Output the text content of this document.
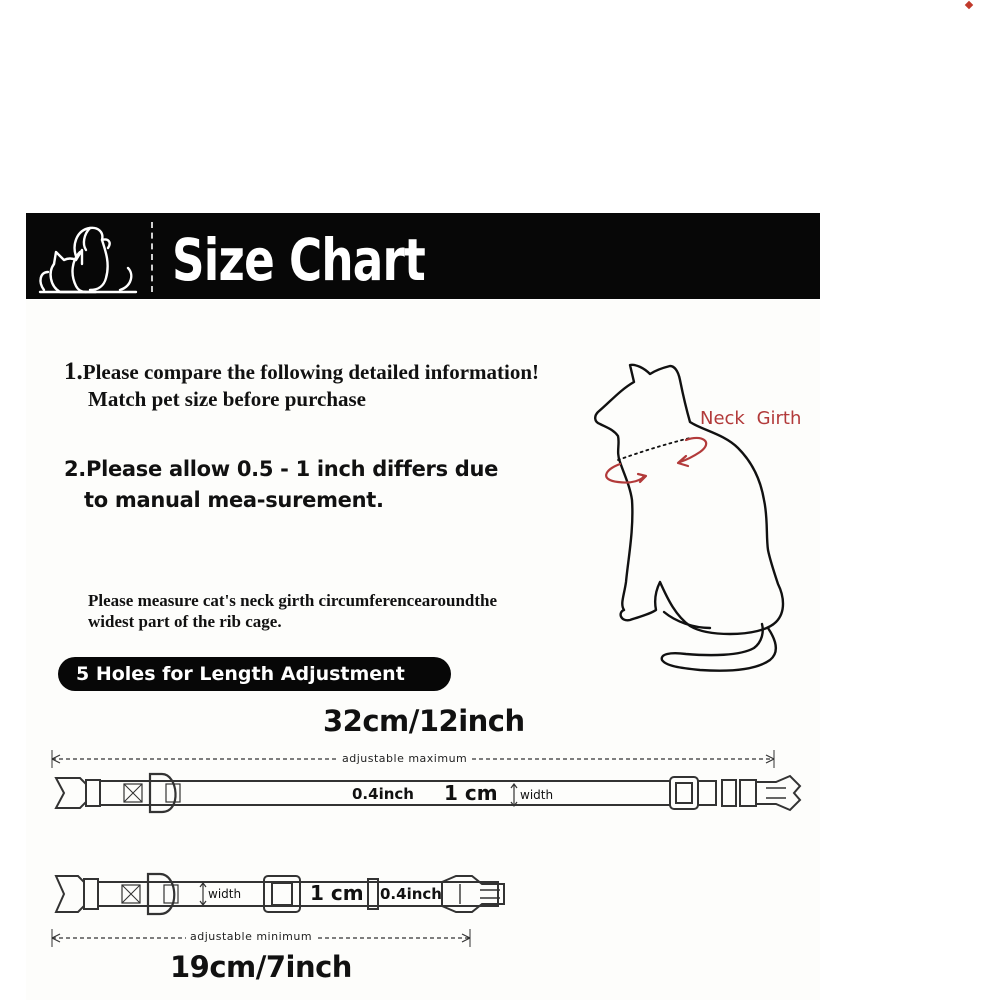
Size Chart
1.Please compare the following detailed information!
Match pet size before purchase
2.Please allow 0.5 - 1 inch differs due
to manual mea-surement.
Please measure cat's neck girth circumferencearoundthe
widest part of the rib cage.
Neck Girth
5 Holes for Length Adjustment
32cm/12inch
adjustable maximum
0.4inch 1 cm width
width	1 cm 0.4inch
adjustable minimum
19cm/7inch
